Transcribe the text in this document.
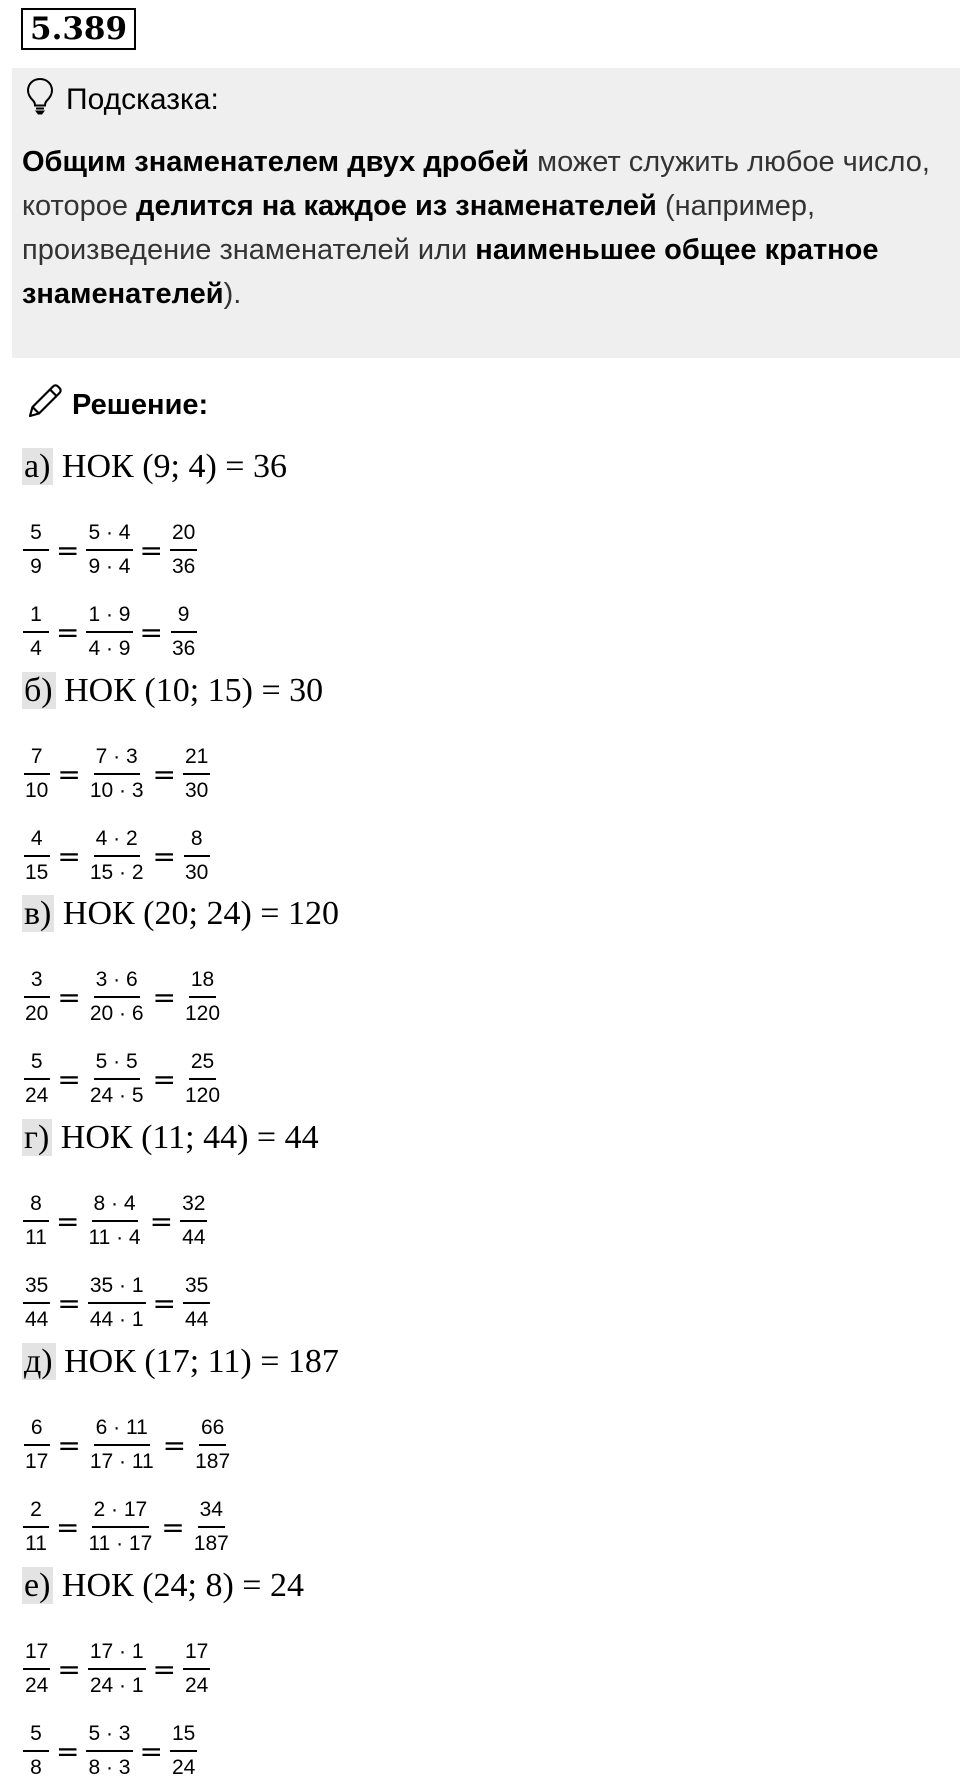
5.389
Подсказка:
Общим знаменателем двух дробей может служить любое число, которое делится на каждое из знаменателей (например, произведение знаменателей или наименьшее общее кратное знаменателей).
Решение:
а) НОК (9; 4) = 36
$\frac{5}{9} = \frac{5 \cdot 4}{9 \cdot 4} = \frac{20}{36}$
$\frac{1}{4} = \frac{1 \cdot 9}{4 \cdot 9} = \frac{9}{36}$
б) НОК (10; 15) = 30
$\frac{7}{10} = \frac{7 \cdot 3}{10 \cdot 3} = \frac{21}{30}$
$\frac{4}{15} = \frac{4 \cdot 2}{15 \cdot 2} = \frac{8}{30}$
в) НОК (20; 24) = 120
$\frac{3}{20} = \frac{3 \cdot 6}{20 \cdot 6} = \frac{18}{120}$
$\frac{5}{24} = \frac{5 \cdot 5}{24 \cdot 5} = \frac{25}{120}$
г) НОК (11; 44) = 44
$\frac{8}{11} = \frac{8 \cdot 4}{11 \cdot 4} = \frac{32}{44}$
$\frac{35}{44} = \frac{35 \cdot 1}{44 \cdot 1} = \frac{35}{44}$
д) НОК (17; 11) = 187
$\frac{6}{17} = \frac{6 \cdot 11}{17 \cdot 11} = \frac{66}{187}$
$\frac{2}{11} = \frac{2 \cdot 17}{11 \cdot 17} = \frac{34}{187}$
е) НОК (24; 8) = 24
$\frac{17}{24} = \frac{17 \cdot 1}{24 \cdot 1} = \frac{17}{24}$
$\frac{5}{8} = \frac{5 \cdot 3}{8 \cdot 3} = \frac{15}{24}$
